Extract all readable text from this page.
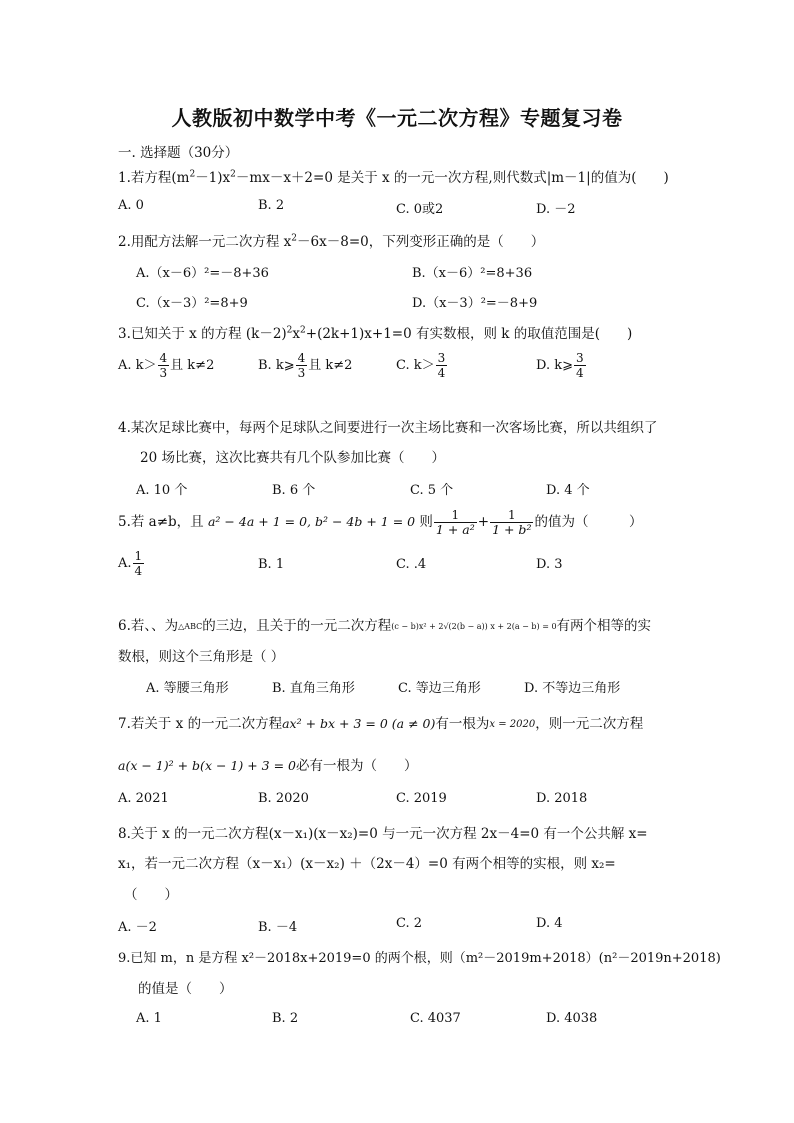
人教版初中数学中考《一元二次方程》专题复习卷
一. 选择题（30分）
1.若方程$(m^2-1)x^2-mx-x+2=0$ 是关于 x 的一元一次方程,则代数式|m－1|的值为(　　)
A. 0	B. 2	C. 0或2	D. －2
2.用配方法解一元二次方程 $x^2-6x-8=0$，下列变形正确的是（　　）
A.（x－6）²=－8+36	B.（x－6）²=8+36
C.（x－3）²=8+9	D.（x－3）²=－8+9
3.已知关于 x 的方程 $(k-2)^2x^2+(2k+1)x+1=0$ 有实数根，则 k 的取值范围是(　　)
A. $k> \frac{4}{3}$ 且 k≠2	B. k⩾ $\frac{4}{3}$ 且 k≠2	C. $k> \frac{3}{4}$	D. k⩾ $\frac{3}{4}$
4.某次足球比赛中，每两个足球队之间要进行一次主场比赛和一次客场比赛，所以共组织了
20 场比赛，这次比赛共有几个队参加比赛（　　）
A. 10 个	B. 6 个	C. 5 个	D. 4 个
5.若 a≠b，且 a² − 4a + 1 = 0, b² − 4b + 1 = 0 则 $\frac{1}{\text{1 + a²}} + \frac{1}{\text{1 + b²}}$ 的值为（　　　）
A. $\frac{1}{4}$	B. 1	C. .4	D. 3
6.若、、为△ABC的三边，且关于的一元二次方程(c − b)x² + 2√(2(b − a)) x + 2(a − b) = 0有两个相等的实
数根，则这个三角形是（ ）
A. 等腰三角形	B. 直角三角形	C. 等边三角形	D. 不等边三角形
7.若关于 x 的一元二次方程ax² + bx + 3 = 0 (a ≠ 0)有一根为x = 2020，则一元二次方程
a(x − 1)² + b(x − 1) + 3 = 0必有一根为（　　）
A. 2021	B. 2020	C. 2019	D. 2018
8.关于 x 的一元二次方程(x－x₁)(x－x₂)=0 与一元一次方程 2x－4=0 有一个公共解 x=
x₁，若一元二次方程（x－x₁）(x－x₂) ＋（2x－4）=0 有两个相等的实根，则 x₂=
（　　）
A. －2	B. －4	C. 2	D. 4
9.已知 m，n 是方程 x²－2018x+2019=0 的两个根，则（m²－2019m+2018）(n²－2019n+2018)
的值是（　　）
A. 1	B. 2	C. 4037	D. 4038
